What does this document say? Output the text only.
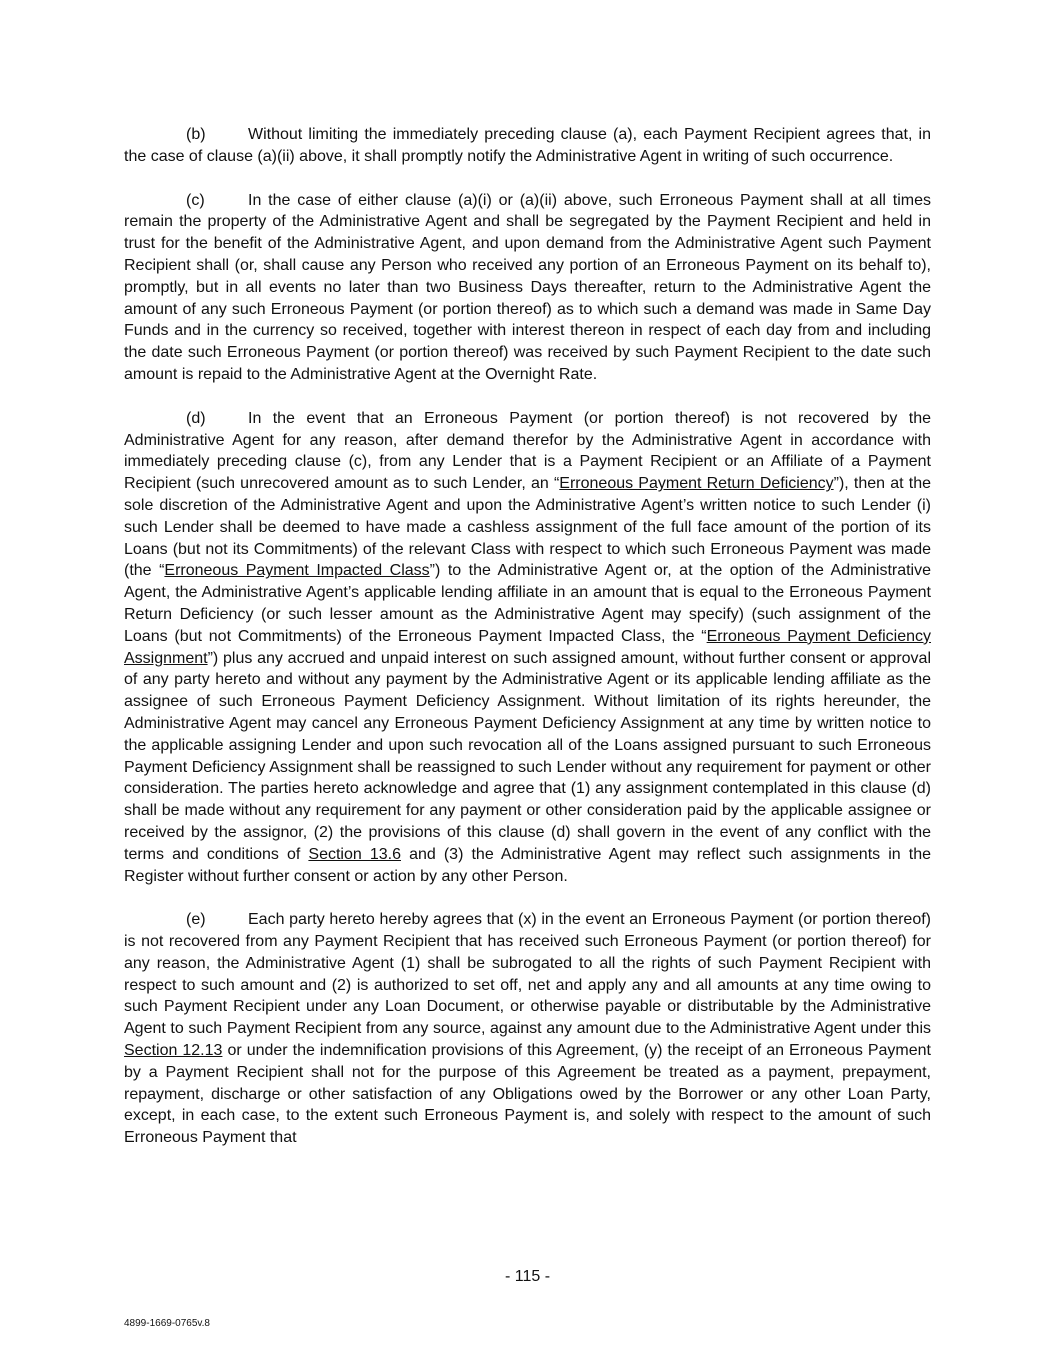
(b)	Without limiting the immediately preceding clause (a), each Payment Recipient agrees that, in the case of clause (a)(ii) above, it shall promptly notify the Administrative Agent in writing of such occurrence.

(c)	In the case of either clause (a)(i) or (a)(ii) above, such Erroneous Payment shall at all times remain the property of the Administrative Agent and shall be segregated by the Payment Recipient and held in trust for the benefit of the Administrative Agent, and upon demand from the Administrative Agent such Payment Recipient shall (or, shall cause any Person who received any portion of an Erroneous Payment on its behalf to), promptly, but in all events no later than two Business Days thereafter, return to the Administrative Agent the amount of any such Erroneous Payment (or portion thereof) as to which such a demand was made in Same Day Funds and in the currency so received, together with interest thereon in respect of each day from and including the date such Erroneous Payment (or portion thereof) was received by such Payment Recipient to the date such amount is repaid to the Administrative Agent at the Overnight Rate.

(d)	In the event that an Erroneous Payment (or portion thereof) is not recovered by the Administrative Agent for any reason, after demand therefor by the Administrative Agent in accordance with immediately preceding clause (c), from any Lender that is a Payment Recipient or an Affiliate of a Payment Recipient (such unrecovered amount as to such Lender, an “Erroneous Payment Return Deficiency”), then at the sole discretion of the Administrative Agent and upon the Administrative Agent’s written notice to such Lender (i) such Lender shall be deemed to have made a cashless assignment of the full face amount of the portion of its Loans (but not its Commitments) of the relevant Class with respect to which such Erroneous Payment was made (the “Erroneous Payment Impacted Class”) to the Administrative Agent or, at the option of the Administrative Agent, the Administrative Agent’s applicable lending affiliate in an amount that is equal to the Erroneous Payment Return Deficiency (or such lesser amount as the Administrative Agent may specify) (such assignment of the Loans (but not Commitments) of the Erroneous Payment Impacted Class, the “Erroneous Payment Deficiency Assignment”) plus any accrued and unpaid interest on such assigned amount, without further consent or approval of any party hereto and without any payment by the Administrative Agent or its applicable lending affiliate as the assignee of such Erroneous Payment Deficiency Assignment. Without limitation of its rights hereunder, the Administrative Agent may cancel any Erroneous Payment Deficiency Assignment at any time by written notice to the applicable assigning Lender and upon such revocation all of the Loans assigned pursuant to such Erroneous Payment Deficiency Assignment shall be reassigned to such Lender without any requirement for payment or other consideration. The parties hereto acknowledge and agree that (1) any assignment contemplated in this clause (d) shall be made without any requirement for any payment or other consideration paid by the applicable assignee or received by the assignor, (2) the provisions of this clause (d) shall govern in the event of any conflict with the terms and conditions of Section 13.6 and (3) the Administrative Agent may reflect such assignments in the Register without further consent or action by any other Person.

(e)	Each party hereto hereby agrees that (x) in the event an Erroneous Payment (or portion thereof) is not recovered from any Payment Recipient that has received such Erroneous Payment (or portion thereof) for any reason, the Administrative Agent (1) shall be subrogated to all the rights of such Payment Recipient with respect to such amount and (2) is authorized to set off, net and apply any and all amounts at any time owing to such Payment Recipient under any Loan Document, or otherwise payable or distributable by the Administrative Agent to such Payment Recipient from any source, against any amount due to the Administrative Agent under this Section 12.13 or under the indemnification provisions of this Agreement, (y) the receipt of an Erroneous Payment by a Payment Recipient shall not for the purpose of this Agreement be treated as a payment, prepayment, repayment, discharge or other satisfaction of any Obligations owed by the Borrower or any other Loan Party, except, in each case, to the extent such Erroneous Payment is, and solely with respect to the amount of such Erroneous Payment that

- 115 -
4899-1669-0765v.8
